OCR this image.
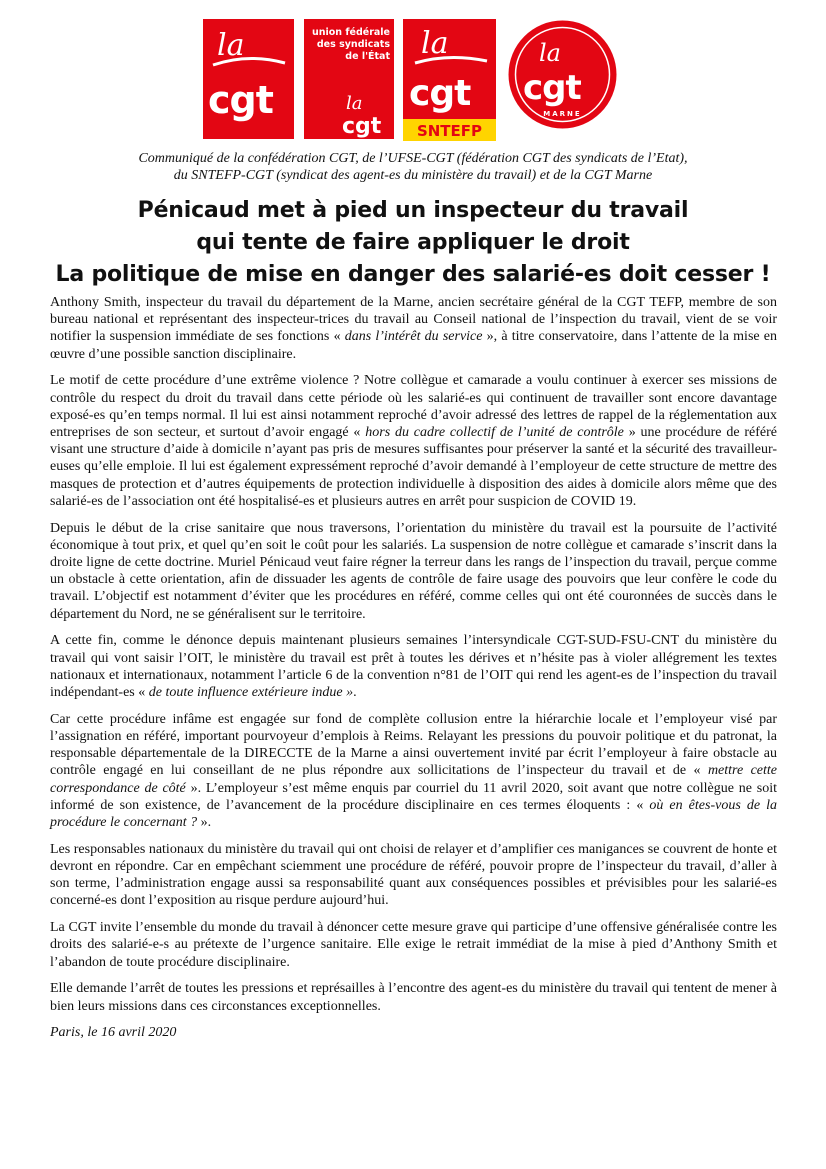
la
cgt
union fédérale
des syndicats
de l'État
la
cgt
la
cgt
SNTEFP
la
cgt
MARNE
Communiqué de la confédération CGT, de l’UFSE-CGT (fédération CGT des syndicats de l’Etat),
du SNTEFP-CGT (syndicat des agent-es du ministère du travail) et de la CGT Marne
Pénicaud met à pied un inspecteur du travail
qui tente de faire appliquer le droit
La politique de mise en danger des salarié-es doit cesser !

Anthony Smith, inspecteur du travail du département de la Marne, ancien secrétaire général de la CGT TEFP, membre de son bureau national et représentant des inspecteur-trices du travail au Conseil national de l’inspection du travail, vient de se voir notifier la suspension immédiate de ses fonctions « dans l’intérêt du service », à titre conservatoire, dans l’attente de la mise en œuvre d’une possible sanction disciplinaire.

Le motif de cette procédure d’une extrême violence ? Notre collègue et camarade a voulu continuer à exercer ses missions de contrôle du respect du droit du travail dans cette période où les salarié-es qui continuent de travailler sont encore davantage exposé-es qu’en temps normal. Il lui est ainsi notamment reproché d’avoir adressé des lettres de rappel de la réglementation aux entreprises de son secteur, et surtout d’avoir engagé « hors du cadre collectif de l’unité de contrôle » une procédure de référé visant une structure d’aide à domicile n’ayant pas pris de mesures suffisantes pour préserver la santé et la sécurité des travailleur-euses qu’elle emploie. Il lui est également expressément reproché d’avoir demandé à l’employeur de cette structure de mettre des masques de protection et d’autres équipements de protection individuelle à disposition des aides à domicile alors même que des salarié-es de l’association ont été hospitalisé-es et plusieurs autres en arrêt pour suspicion de COVID 19.

Depuis le début de la crise sanitaire que nous traversons, l’orientation du ministère du travail est la poursuite de l’activité économique à tout prix, et quel qu’en soit le coût pour les salariés. La suspension de notre collègue et camarade s’inscrit dans la droite ligne de cette doctrine. Muriel Pénicaud veut faire régner la terreur dans les rangs de l’inspection du travail, perçue comme un obstacle à cette orientation, afin de dissuader les agents de contrôle de faire usage des pouvoirs que leur confère le code du travail. L’objectif est notamment d’éviter que les procédures en référé, comme celles qui ont été couronnées de succès dans le département du Nord, ne se généralisent sur le territoire.

A cette fin, comme le dénonce depuis maintenant plusieurs semaines l’intersyndicale CGT-SUD-FSU-CNT du ministère du travail qui vont saisir l’OIT, le ministère du travail est prêt à toutes les dérives et n’hésite pas à violer allégrement les textes nationaux et internationaux, notamment l’article 6 de la convention n°81 de l’OIT qui rend les agent-es de l’inspection du travail indépendant-es « de toute influence extérieure indue ».

Car cette procédure infâme est engagée sur fond de complète collusion entre la hiérarchie locale et l’employeur visé par l’assignation en référé, important pourvoyeur d’emplois à Reims. Relayant les pressions du pouvoir politique et du patronat, la responsable départementale de la DIRECCTE de la Marne a ainsi ouvertement invité par écrit l’employeur à faire obstacle au contrôle engagé en lui conseillant de ne plus répondre aux sollicitations de l’inspecteur du travail et de « mettre cette correspondance de côté ». L’employeur s’est même enquis par courriel du 11 avril 2020, soit avant que notre collègue ne soit informé de son existence, de l’avancement de la procédure disciplinaire en ces termes éloquents : « où en êtes-vous de la procédure le concernant ? ».

Les responsables nationaux du ministère du travail qui ont choisi de relayer et d’amplifier ces manigances se couvrent de honte et devront en répondre. Car en empêchant sciemment une procédure de référé, pouvoir propre de l’inspecteur du travail, d’aller à son terme, l’administration engage aussi sa responsabilité quant aux conséquences possibles et prévisibles pour les salarié-es concerné-es dont l’exposition au risque perdure aujourd’hui.

La CGT invite l’ensemble du monde du travail à dénoncer cette mesure grave qui participe d’une offensive généralisée contre les droits des salarié-e-s au prétexte de l’urgence sanitaire. Elle exige le retrait immédiat de la mise à pied d’Anthony Smith et l’abandon de toute procédure disciplinaire.

Elle demande l’arrêt de toutes les pressions et représailles à l’encontre des agent-es du ministère du travail qui tentent de mener à bien leurs missions dans ces circonstances exceptionnelles.

Paris, le 16 avril 2020
